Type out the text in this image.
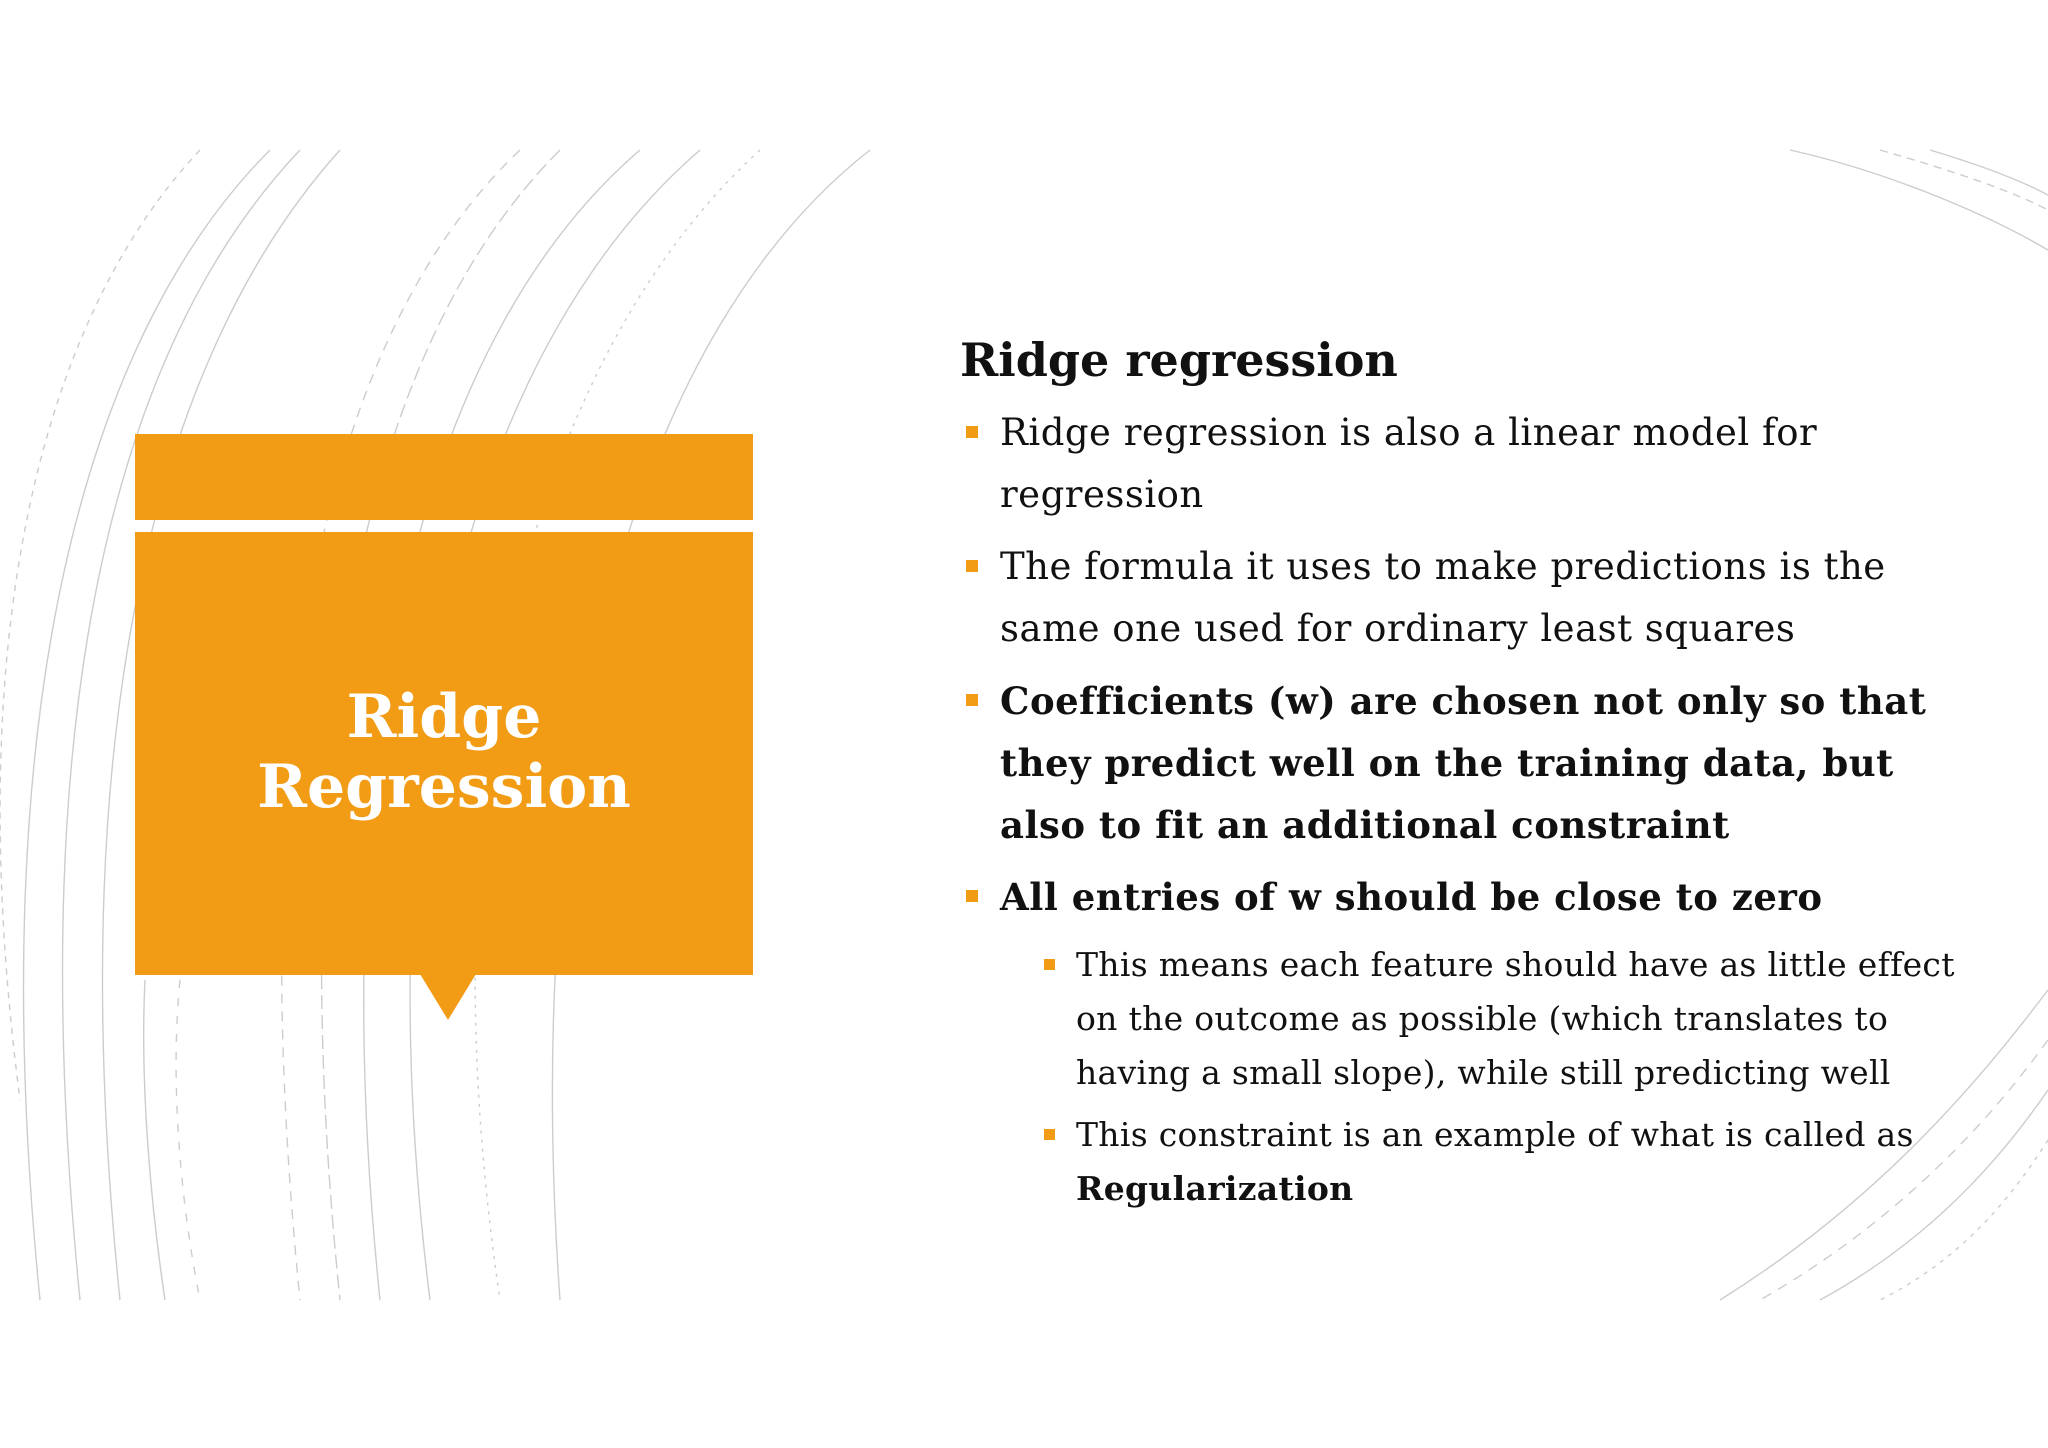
Ridge
Regression
Ridge regression
Ridge regression is also a linear model for regression
The formula it uses to make predictions is the same one used for ordinary least squares
Coefficients (w) are chosen not only so that they predict well on the training data, but also to fit an additional constraint
All entries of w should be close to zero
This means each feature should have as little effect on the outcome as possible (which translates to having a small slope), while still predicting well
This constraint is an example of what is called as Regularization
